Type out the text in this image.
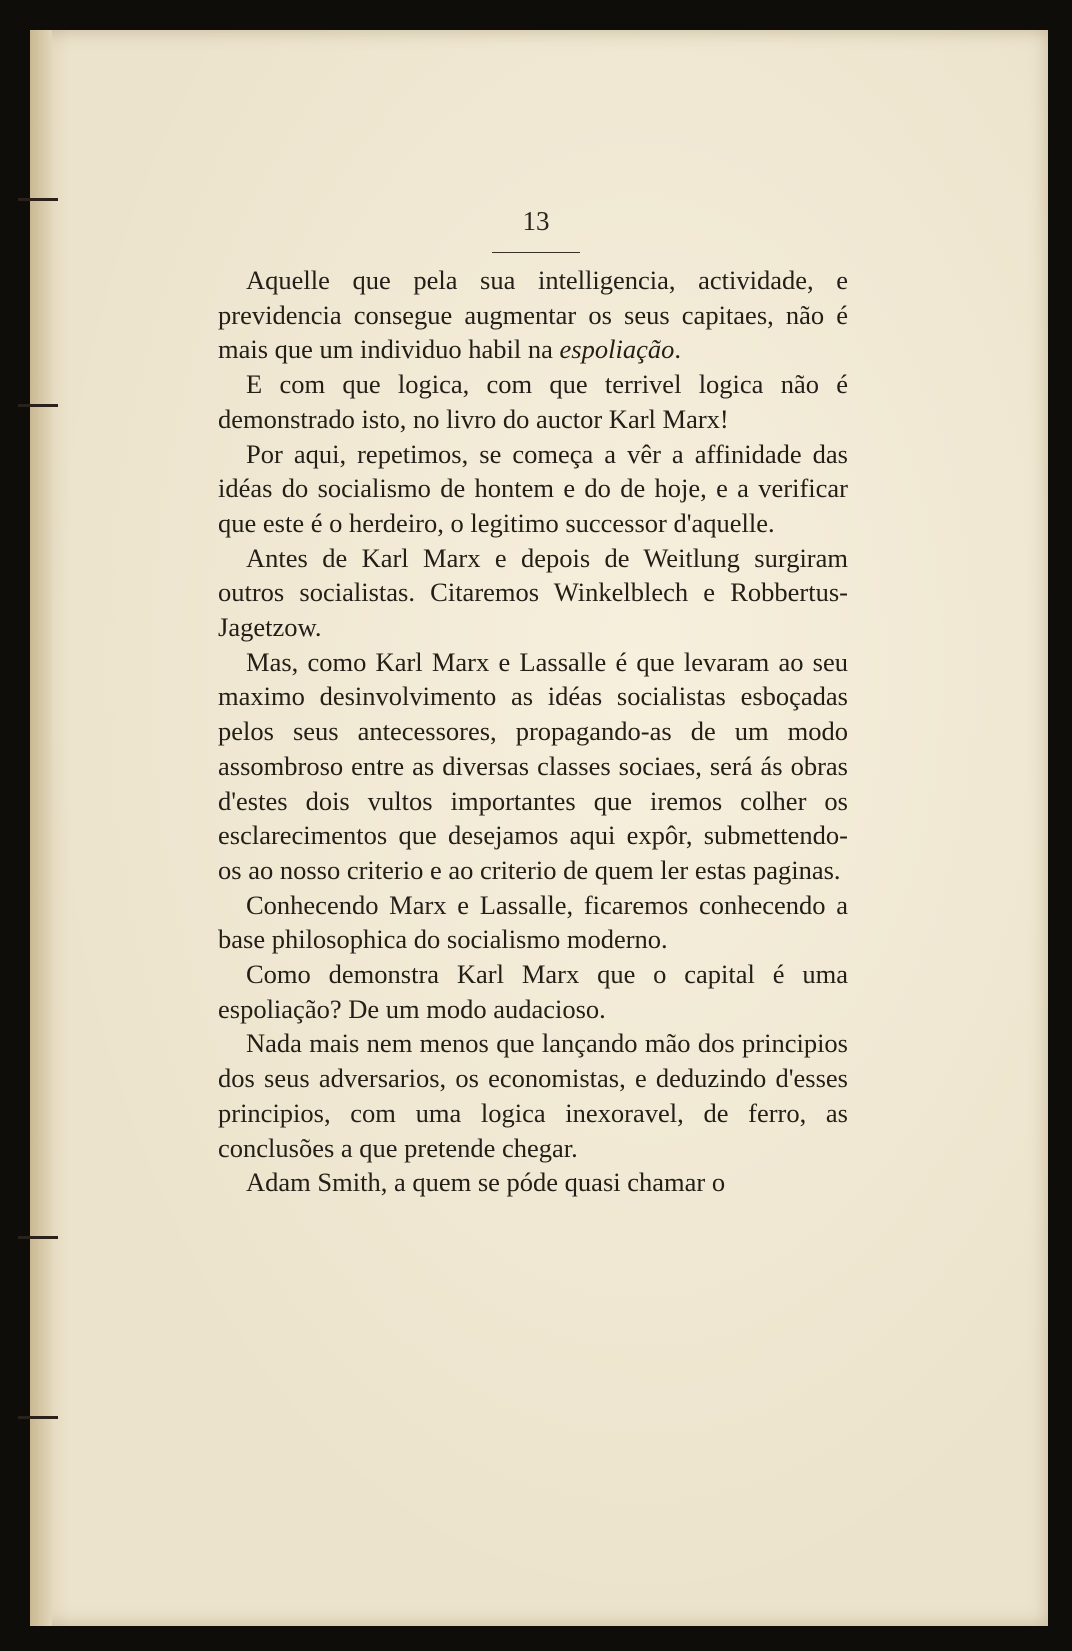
13

Aquelle que pela sua intelligencia, actividade, e previdencia consegue augmentar os seus capitaes, não é mais que um individuo habil na espoliação.

E com que logica, com que terrivel logica não é demonstrado isto, no livro do auctor Karl Marx!

Por aqui, repetimos, se começa a vêr a affinidade das idéas do socialismo de hontem e do de hoje, e a verificar que este é o herdeiro, o legitimo successor d'aquelle.

Antes de Karl Marx e depois de Weitlung surgiram outros socialistas. Citaremos Winkelblech e Robbertus-Jagetzow.

Mas, como Karl Marx e Lassalle é que levaram ao seu maximo desinvolvimento as idéas socialistas esboçadas pelos seus antecessores, propagando-as de um modo assombroso entre as diversas classes sociaes, será ás obras d'estes dois vultos importantes que iremos colher os esclarecimentos que desejamos aqui expôr, submettendo-os ao nosso criterio e ao criterio de quem ler estas paginas.

Conhecendo Marx e Lassalle, ficaremos conhecendo a base philosophica do socialismo moderno.

Como demonstra Karl Marx que o capital é uma espoliação? De um modo audacioso.

Nada mais nem menos que lançando mão dos principios dos seus adversarios, os economistas, e deduzindo d'esses principios, com uma logica inexoravel, de ferro, as conclusões a que pretende chegar.

Adam Smith, a quem se póde quasi chamar o
